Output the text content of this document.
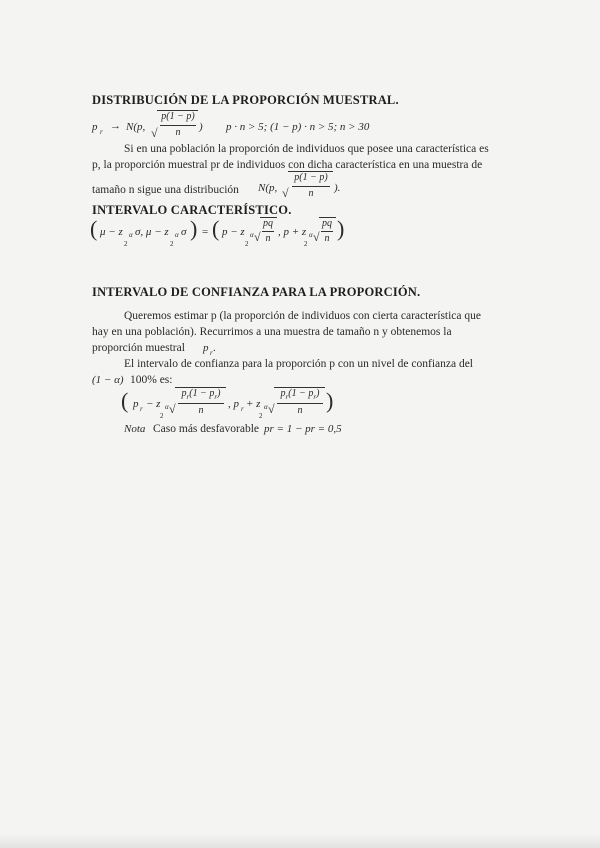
DISTRIBUCIÓN DE LA PROPORCIÓN MUESTRAL.
p r → N(p, √
p(1 − p)
n	) p · n > 5; (1 − p) · n > 5; n > 30
Si en una población la proporción de individuos que posee una característica es
p, la proporción muestral pr de individuos con dicha característica en una muestra de
tamaño n sigue una distribución N(p, √
p(1 − p)
n	).
INTERVALO CARACTERÍSTICO.
( μ − z α
2
σ, μ − z α
2
σ ) = ( p − z α
2 √
pq
n
, p + z α
2 √
pq
n )
INTERVALO DE CONFIANZA PARA LA PROPORCIÓN.
Queremos estimar p (la proporción de individuos con cierta característica que
hay en una población). Recurrimos a una muestra de tamaño n y obtenemos la
proporción muestral p r .
El intervalo de confianza para la proporción p con un nivel de confianza del
(1 − α) 100% es:
( p r − z α
2 √
$p_r(1 - p_r)$
n
, p r + z α
2 √
$p_r(1 - p_r)$
n	)
Nota Caso más desfavorable pr = 1 − pr = 0,5
